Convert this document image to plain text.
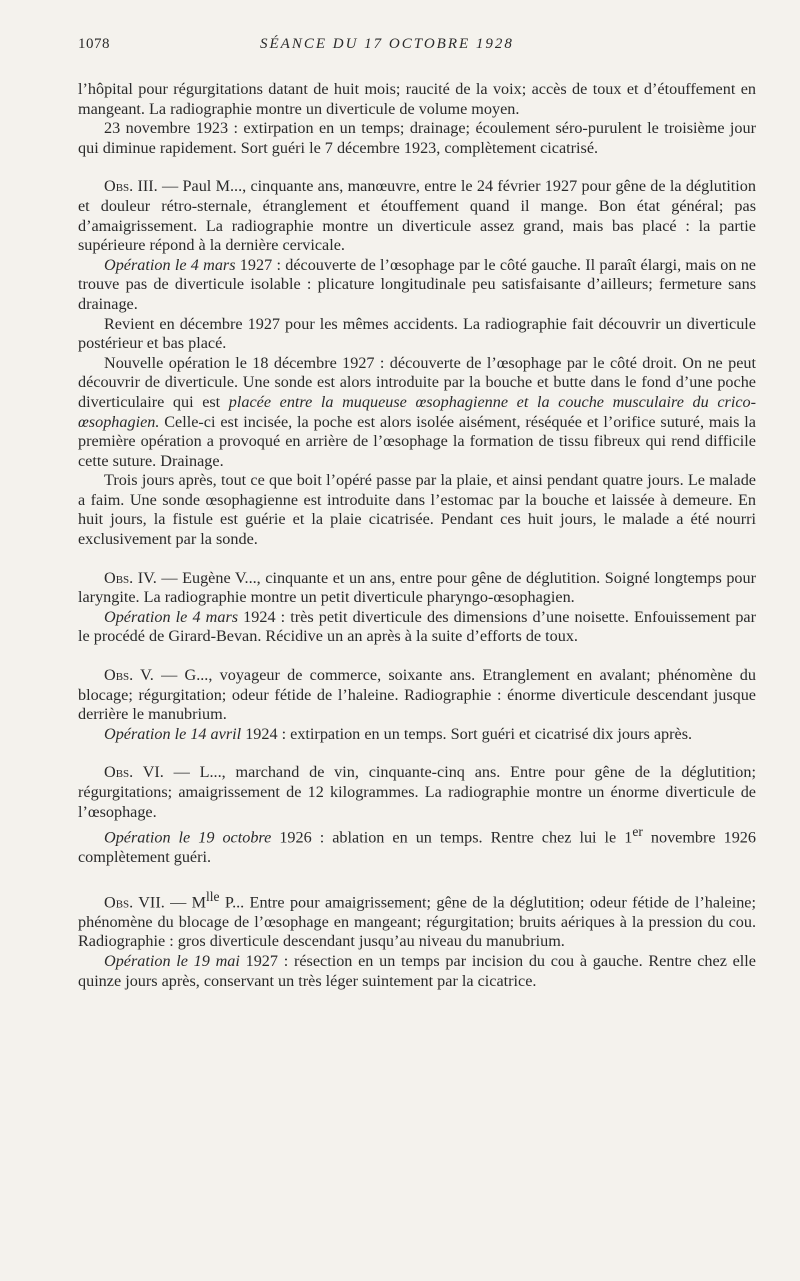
1078	SÉANCE DU 17 OCTOBRE 1928

l’hôpital pour régurgitations datant de huit mois; raucité de la voix; accès de toux et d’étouffement en mangeant. La radiographie montre un diverticule de volume moyen.

23 novembre 1923 : extirpation en un temps; drainage; écoulement séro-purulent le troisième jour qui diminue rapidement. Sort guéri le 7 décembre 1923, complètement cicatrisé.

Obs. III. — Paul M..., cinquante ans, manœuvre, entre le 24 février 1927 pour gêne de la déglutition et douleur rétro-sternale, étranglement et étouffement quand il mange. Bon état général; pas d’amaigrissement. La radiographie montre un diverticule assez grand, mais bas placé : la partie supérieure répond à la dernière cervicale.

Opération le 4 mars 1927 : découverte de l’œsophage par le côté gauche. Il paraît élargi, mais on ne trouve pas de diverticule isolable : plicature longitudinale peu satisfaisante d’ailleurs; fermeture sans drainage.

Revient en décembre 1927 pour les mêmes accidents. La radiographie fait découvrir un diverticule postérieur et bas placé.

Nouvelle opération le 18 décembre 1927 : découverte de l’œsophage par le côté droit. On ne peut découvrir de diverticule. Une sonde est alors introduite par la bouche et butte dans le fond d’une poche diverticulaire qui est placée entre la muqueuse œsophagienne et la couche musculaire du crico-œsophagien. Celle-ci est incisée, la poche est alors isolée aisément, réséquée et l’orifice suturé, mais la première opération a provoqué en arrière de l’œsophage la formation de tissu fibreux qui rend difficile cette suture. Drainage.

Trois jours après, tout ce que boit l’opéré passe par la plaie, et ainsi pendant quatre jours. Le malade a faim. Une sonde œsophagienne est introduite dans l’estomac par la bouche et laissée à demeure. En huit jours, la fistule est guérie et la plaie cicatrisée. Pendant ces huit jours, le malade a été nourri exclusivement par la sonde.

Obs. IV. — Eugène V..., cinquante et un ans, entre pour gêne de déglutition. Soigné longtemps pour laryngite. La radiographie montre un petit diverticule pharyngo-œsophagien.

Opération le 4 mars 1924 : très petit diverticule des dimensions d’une noisette. Enfouissement par le procédé de Girard-Bevan. Récidive un an après à la suite d’efforts de toux.

Obs. V. — G..., voyageur de commerce, soixante ans. Etranglement en avalant; phénomène du blocage; régurgitation; odeur fétide de l’haleine. Radiographie : énorme diverticule descendant jusque derrière le manubrium.

Opération le 14 avril 1924 : extirpation en un temps. Sort guéri et cicatrisé dix jours après.

Obs. VI. — L..., marchand de vin, cinquante-cinq ans. Entre pour gêne de la déglutition; régurgitations; amaigrissement de 12 kilogrammes. La radiographie montre un énorme diverticule de l’œsophage.

Opération le 19 octobre 1926 : ablation en un temps. Rentre chez lui le 1er novembre 1926 complètement guéri.

Obs. VII. — $M^{lle}$ P... Entre pour amaigrissement; gêne de la déglutition; odeur fétide de l’haleine; phénomène du blocage de l’œsophage en mangeant; régurgitation; bruits aériques à la pression du cou. Radiographie : gros diverticule descendant jusqu’au niveau du manubrium.

Opération le 19 mai 1927 : résection en un temps par incision du cou à gauche. Rentre chez elle quinze jours après, conservant un très léger suintement par la cicatrice.
